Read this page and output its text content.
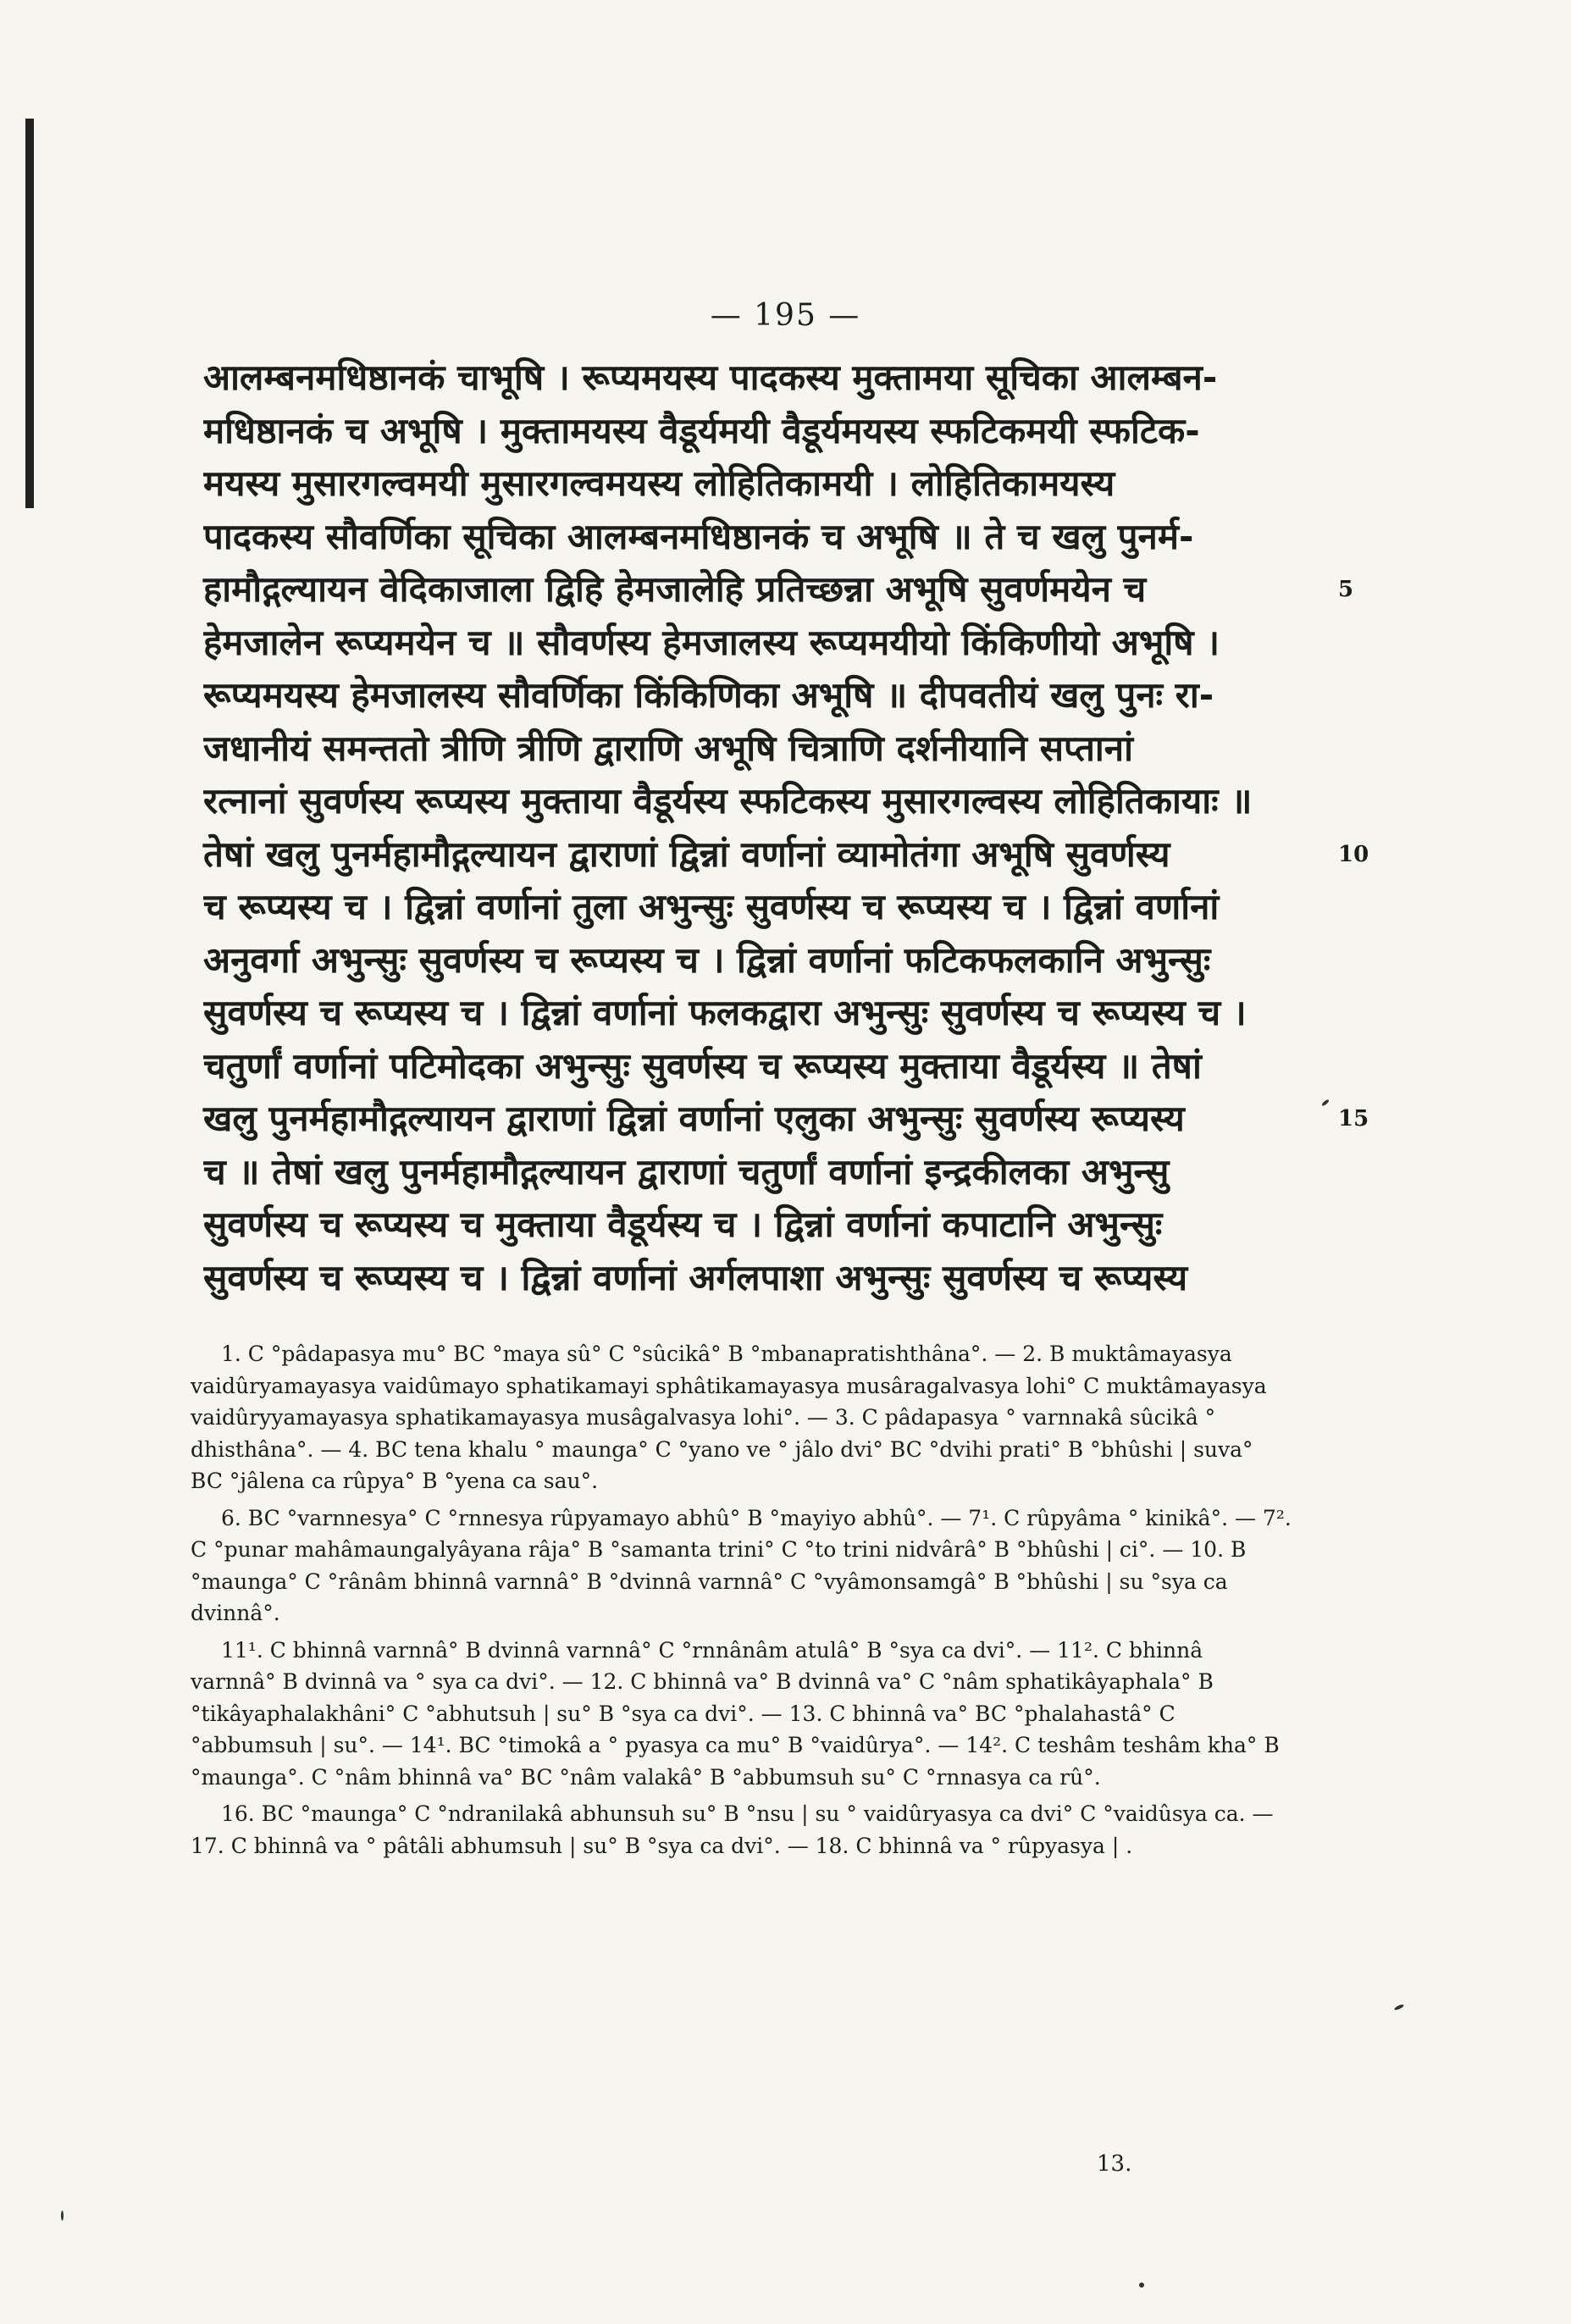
— 195 —
आलम्बनमधिष्ठानकं चाभूषि । रूप्यमयस्य पादकस्य मुक्तामया सूचिका आलम्बन-
मधिष्ठानकं च अभूषि । मुक्तामयस्य वैडूर्यमयी वैडूर्यमयस्य स्फटिकमयी स्फटिक-
मयस्य मुसारगल्वमयी मुसारगल्वमयस्य लोहितिकामयी । लोहितिकामयस्य
पादकस्य सौवर्णिका सूचिका आलम्बनमधिष्ठानकं च अभूषि ॥ ते च खलु पुनर्म-
हामौद्गल्यायन वेदिकाजाला द्विहि हेमजालेहि प्रतिच्छन्ना अभूषि सुवर्णमयेन च	5
हेमजालेन रूप्यमयेन च ॥ सौवर्णस्य हेमजालस्य रूप्यमयीयो किंकिणीयो अभूषि ।
रूप्यमयस्य हेमजालस्य सौवर्णिका किंकिणिका अभूषि ॥ दीपवतीयं खलु पुनः रा-
जधानीयं समन्ततो त्रीणि त्रीणि द्वाराणि अभूषि चित्राणि दर्शनीयानि सप्तानां
रत्नानां सुवर्णस्य रूप्यस्य मुक्ताया वैडूर्यस्य स्फटिकस्य मुसारगल्वस्य लोहितिकायाः ॥
तेषां खलु पुनर्महामौद्गल्यायन द्वाराणां द्विन्नां वर्णानां व्यामोतंगा अभूषि सुवर्णस्य	10
च रूप्यस्य च । द्विन्नां वर्णानां तुला अभुन्सुः सुवर्णस्य च रूप्यस्य च । द्विन्नां वर्णानां
अनुवर्गा अभुन्सुः सुवर्णस्य च रूप्यस्य च । द्विन्नां वर्णानां फटिकफलकानि अभुन्सुः
सुवर्णस्य च रूप्यस्य च । द्विन्नां वर्णानां फलकद्वारा अभुन्सुः सुवर्णस्य च रूप्यस्य च ।
चतुर्णां वर्णानां पटिमोदका अभुन्सुः सुवर्णस्य च रूप्यस्य मुक्ताया वैडूर्यस्य ॥ तेषां
खलु पुनर्महामौद्गल्यायन द्वाराणां द्विन्नां वर्णानां एलुका अभुन्सुः सुवर्णस्य रूप्यस्य	15
च ॥ तेषां खलु पुनर्महामौद्गल्यायन द्वाराणां चतुर्णां वर्णानां इन्द्रकीलका अभुन्सु
सुवर्णस्य च रूप्यस्य च मुक्ताया वैडूर्यस्य च । द्विन्नां वर्णानां कपाटानि अभुन्सुः
सुवर्णस्य च रूप्यस्य च । द्विन्नां वर्णानां अर्गलपाशा अभुन्सुः सुवर्णस्य च रूप्यस्य

1. C °pâdapasya mu° BC °maya sû° C °sûcikâ° B °mbanapratishthâna°. — 2. B muktâmayasya vaidûryamayasya vaidûmayo sphatikamayi sphâtikamayasya musâragalvasya lohi° C muktâmayasya vaidûryyamayasya sphatikamayasya musâgalvasya lohi°. — 3. C pâdapasya ° varnnakâ sûcikâ ° dhisthâna°. — 4. BC tena khalu ° maunga° C °yano ve ° jâlo dvi° BC °dvihi prati° B °bhûshi | suva° BC °jâlena ca rûpya° B °yena ca sau°.

6. BC °varnnesya° C °rnnesya rûpyamayo abhû° B °mayiyo abhû°. — 7¹. C rûpyâma ° kinikâ°. — 7². C °punar mahâmaungalyâyana râja° B °samanta trini° C °to trini nidvârâ° B °bhûshi | ci°. — 10. B °maunga° C °rânâm bhinnâ varnnâ° B °dvinnâ varnnâ° C °vyâmonsamgâ° B °bhûshi | su °sya ca dvinnâ°.

11¹. C bhinnâ varnnâ° B dvinnâ varnnâ° C °rnnânâm atulâ° B °sya ca dvi°. — 11². C bhinnâ varnnâ° B dvinnâ va ° sya ca dvi°. — 12. C bhinnâ va° B dvinnâ va° C °nâm sphatikâyaphala° B °tikâyaphalakhâni° C °abhutsuh | su° B °sya ca dvi°. — 13. C bhinnâ va° BC °phalahastâ° C °abbumsuh | su°. — 14¹. BC °timokâ a ° pyasya ca mu° B °vaidûrya°. — 14². C teshâm teshâm kha° B °maunga°. C °nâm bhinnâ va° BC °nâm valakâ° B °abbumsuh su° C °rnnasya ca rû°.

16. BC °maunga° C °ndranilakâ abhunsuh su° B °nsu | su ° vaidûryasya ca dvi° C °vaidûsya ca. — 17. C bhinnâ va ° pâtâli abhumsuh | su° B °sya ca dvi°. — 18. C bhinnâ va ° rûpyasya | .

13.
